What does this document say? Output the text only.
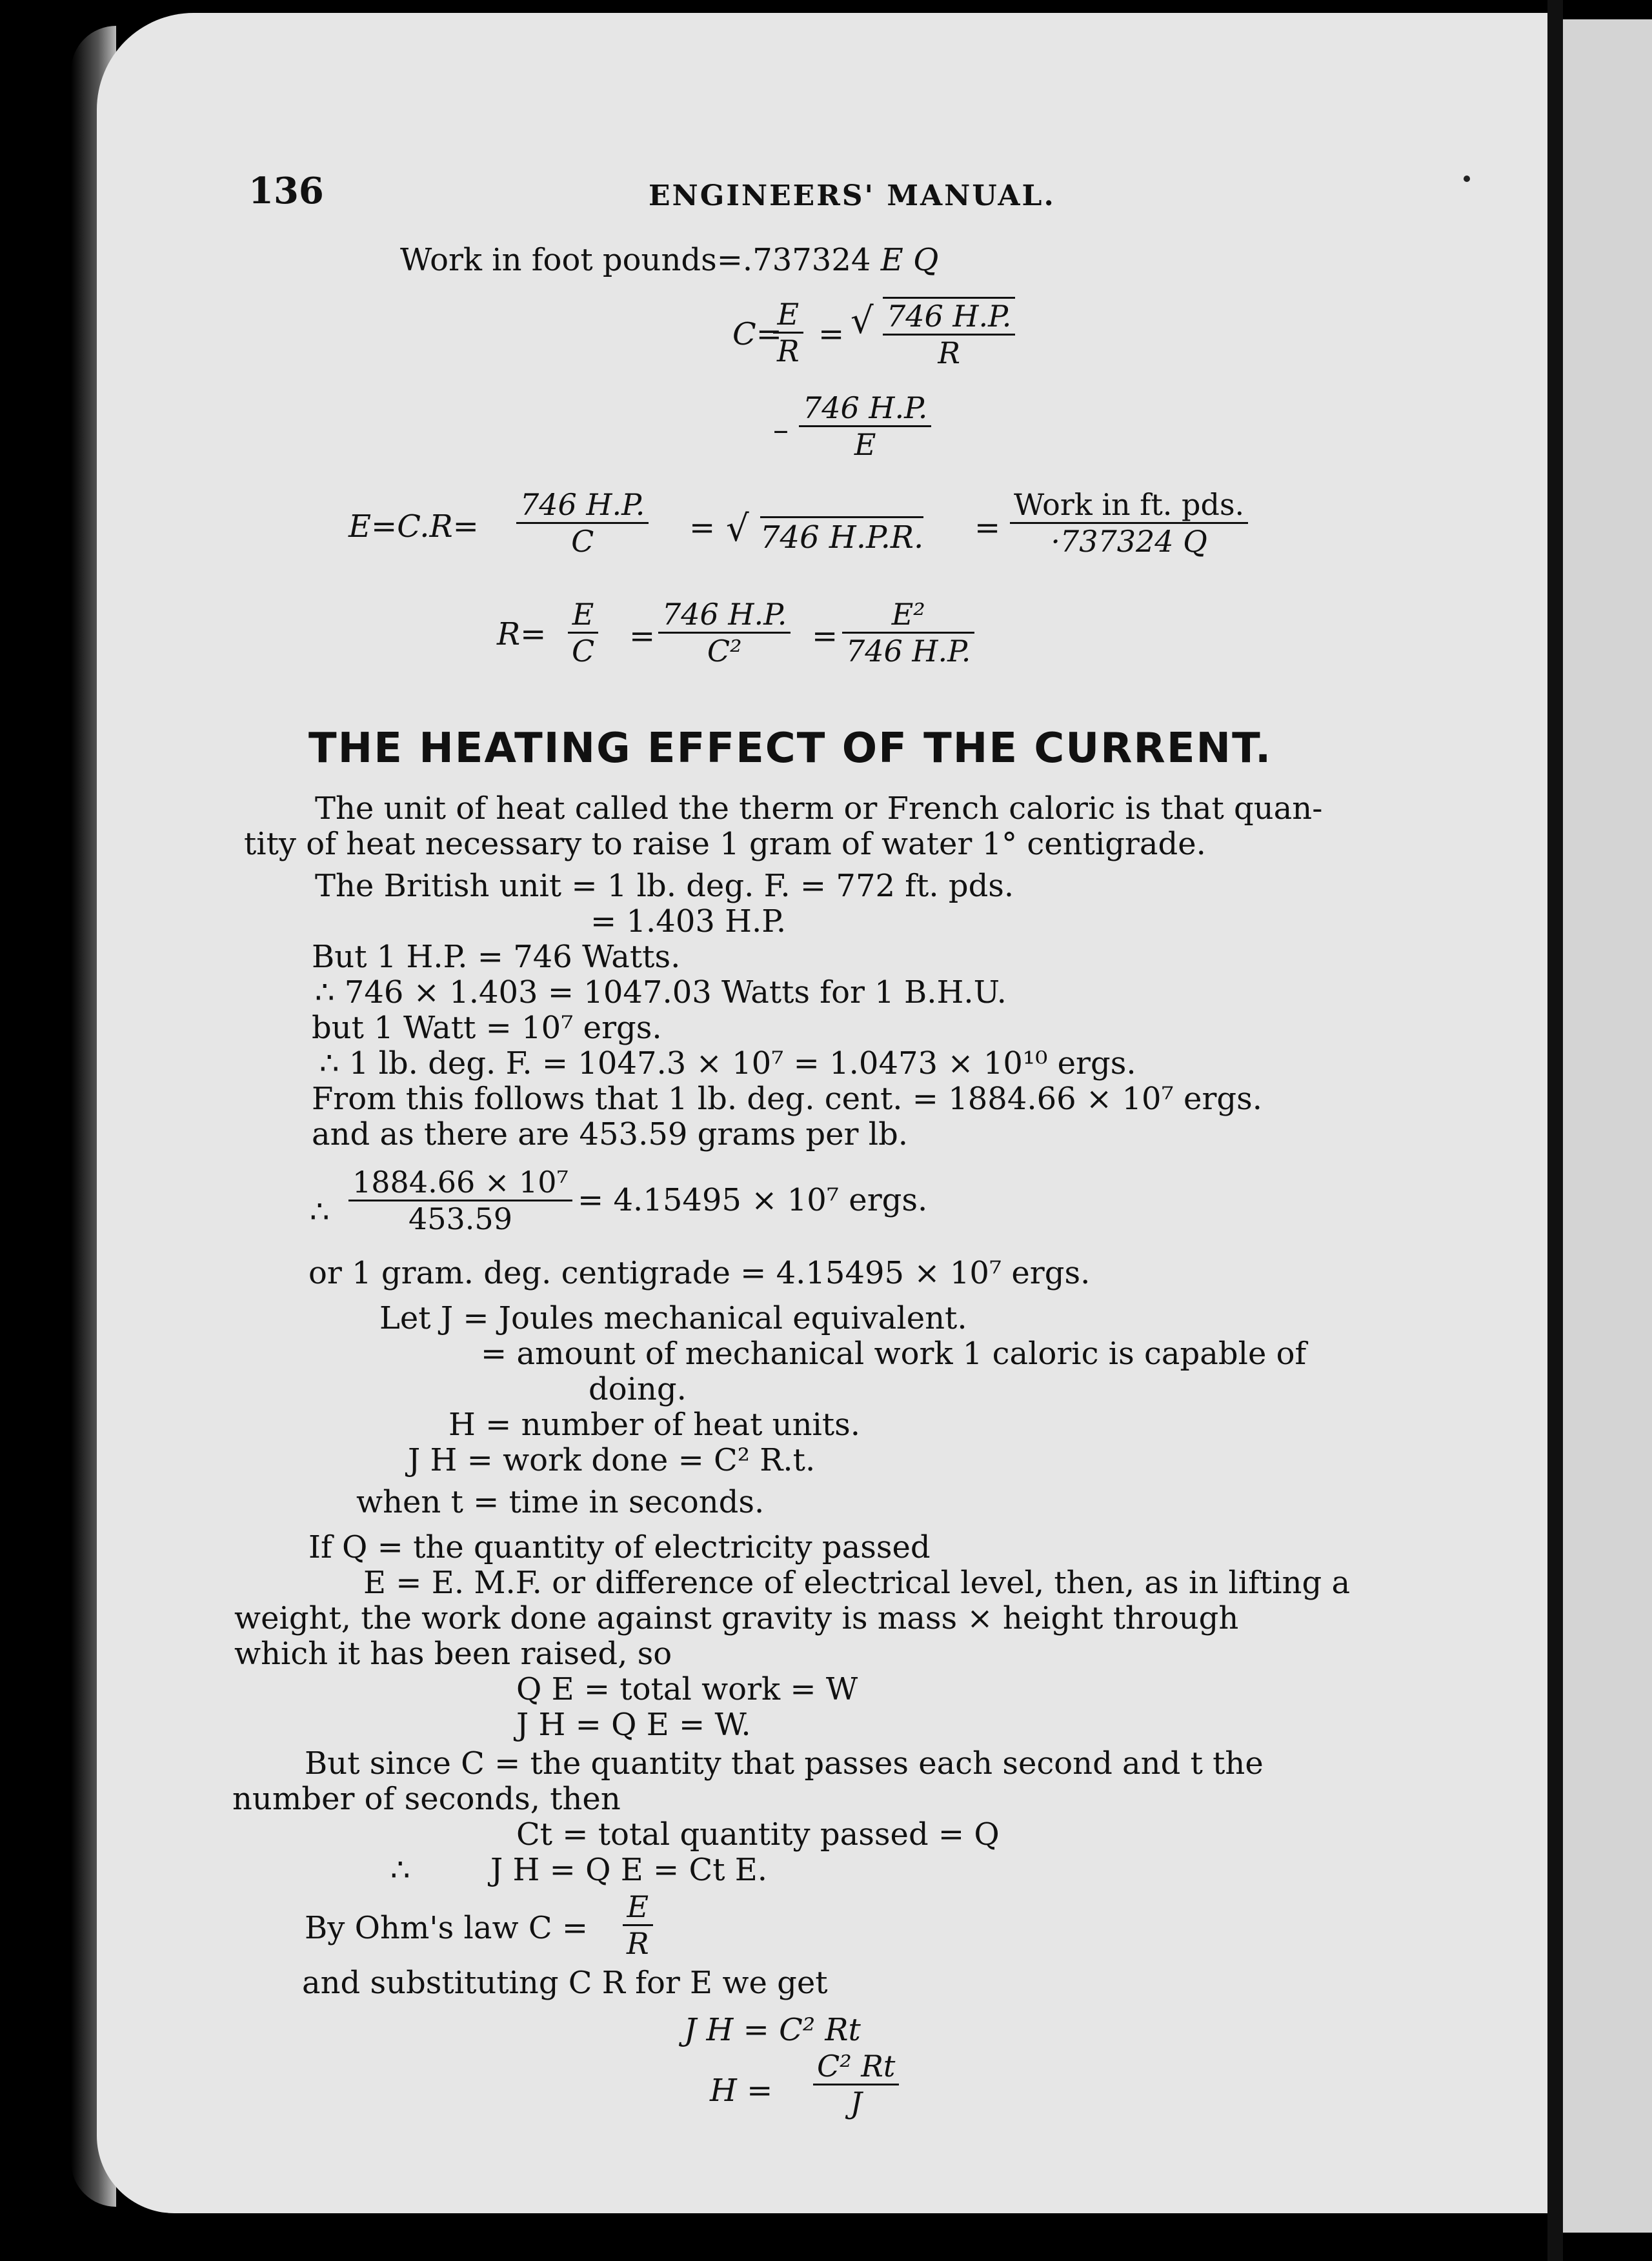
136	ENGINEERS' MANUAL.
Work in foot pounds=.737324 E Q
C=
$\frac{E}{R}$ = √ $\frac{746 H.P.}{R}$
– $\frac{746 H.P.}{E}$
$E=C.R= \frac{746 H.P.}{C}$ = √ 746 H.P.R. =
Work in ft. pds.
·737324 Q
$R= \frac{E}{C} = \frac{746 H.P.}{\text{C²}} = \frac{\text{E²}}{746 H.P.}$
THE HEATING EFFECT OF THE CURRENT.
The unit of heat called the therm or French caloric is that quan-
tity of heat necessary to raise 1 gram of water 1° centigrade.
The British unit = 1 lb. deg. F. = 772 ft. pds.
= 1.403 H.P.
But 1 H.P. = 746 Watts.
∴ 746 × 1.403 = 1047.03 Watts for 1 B.H.U.
but 1 Watt = 10⁷ ergs.
∴ 1 lb. deg. F. = 1047.3 × 10⁷ = 1.0473 × 10¹⁰ ergs.
From this follows that 1 lb. deg. cent. = 1884.66 × 10⁷ ergs.
and as there are 453.59 grams per lb.
∴ $\frac{\text{1884.66 × 10⁷}}{453.59} = 4.15495 \times 10^7$ ergs.
or 1 gram. deg. centigrade = 4.15495 × 10⁷ ergs.
Let J = Joules mechanical equivalent.
= amount of mechanical work 1 caloric is capable of
doing.
H = number of heat units.
J H = work done = C² R.t.
when t = time in seconds.
If Q = the quantity of electricity passed
E = E. M.F. or difference of electrical level, then, as in lifting a
weight, the work done against gravity is mass × height through
which it has been raised, so
Q E = total work = W
J H = Q E = W.
But since C = the quantity that passes each second and t the
number of seconds, then
Ct = total quantity passed = Q
∴	J H = Q E = Ct E.
By Ohm's law $C = \frac{E}{R}$
and substituting C R for E we get
J H = C² Rt
$H = \frac{\text{C² Rt}}{J}$
